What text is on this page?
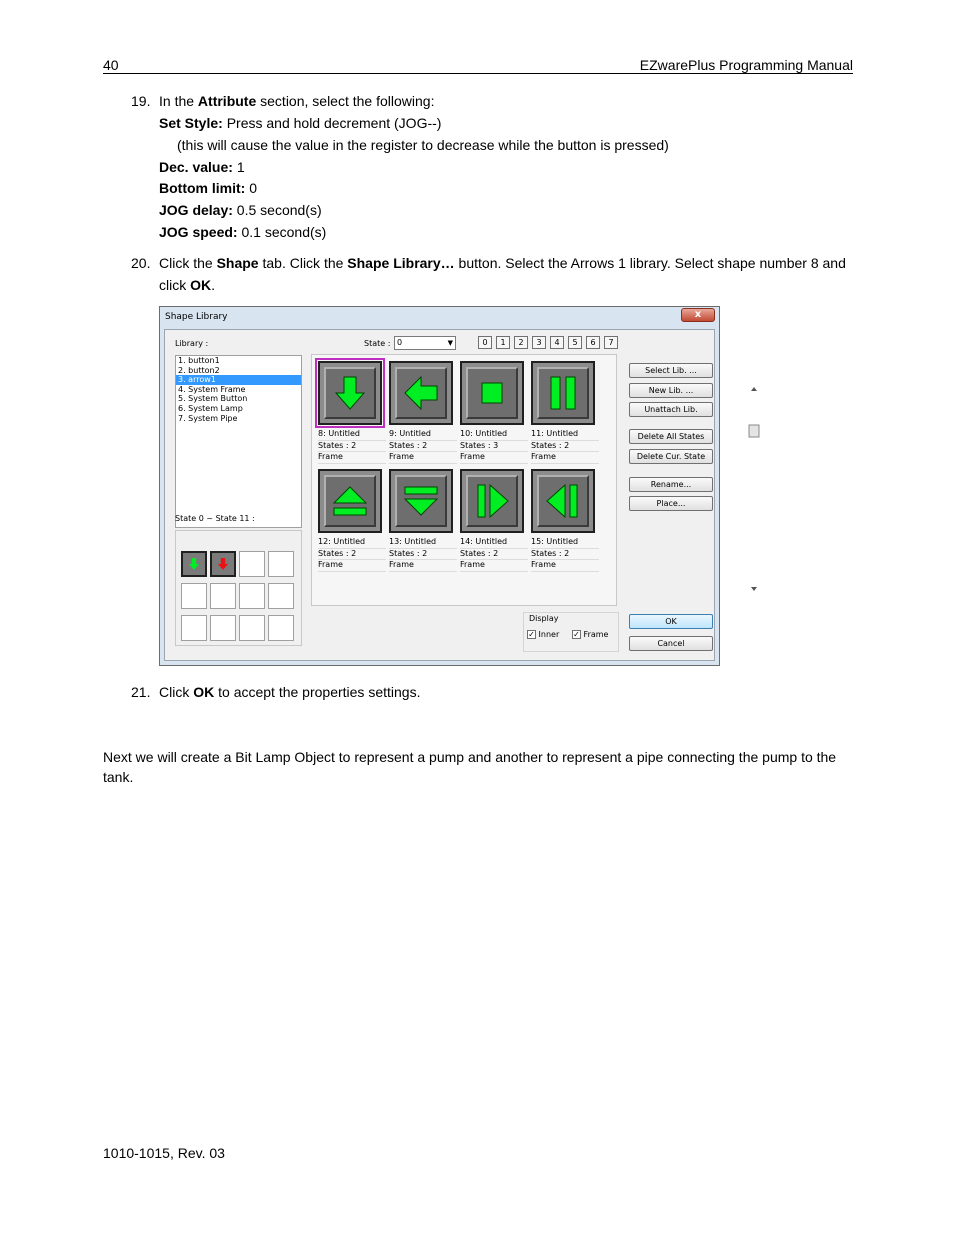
40	EZwarePlus Programming Manual
19. In the Attribute section, select the following:
Set Style: Press and hold decrement (JOG--)
(this will cause the value in the register to decrease while the button is pressed)
Dec. value: 1
Bottom limit: 0
JOG delay: 0.5 second(s)
JOG speed: 0.1 second(s)
20. Click the Shape tab. Click the Shape Library… button. Select the Arrows 1 library. Select shape number 8 and
click OK.
Shape Library	x
Library :
1. button1
2. button2
3. arrow1
4. System Frame
5. System Button
6. System Lamp
7. System Pipe
State : 0	▼	0	1	2	3	4	5	6	7
8: Untitled
States : 2
Frame
9: Untitled
States : 2
Frame
10: Untitled
States : 3
Frame
11: Untitled
States : 2
Frame
12: Untitled
States : 2
Frame
13: Untitled
States : 2
Frame
14: Untitled
States : 2
Frame
15: Untitled
States : 2
Frame
State 0 ~ State 11 :
Select Lib. ...
New Lib. ...
Unattach Lib.
Delete All States
Delete Cur. State
Rename...
Place...
Display
✓ Inner ✓ Frame
OK
Cancel
21. Click OK to accept the properties settings.
Next we will create a Bit Lamp Object to represent a pump and another to represent a pipe connecting the pump to the tank.
1010-1015, Rev. 03
